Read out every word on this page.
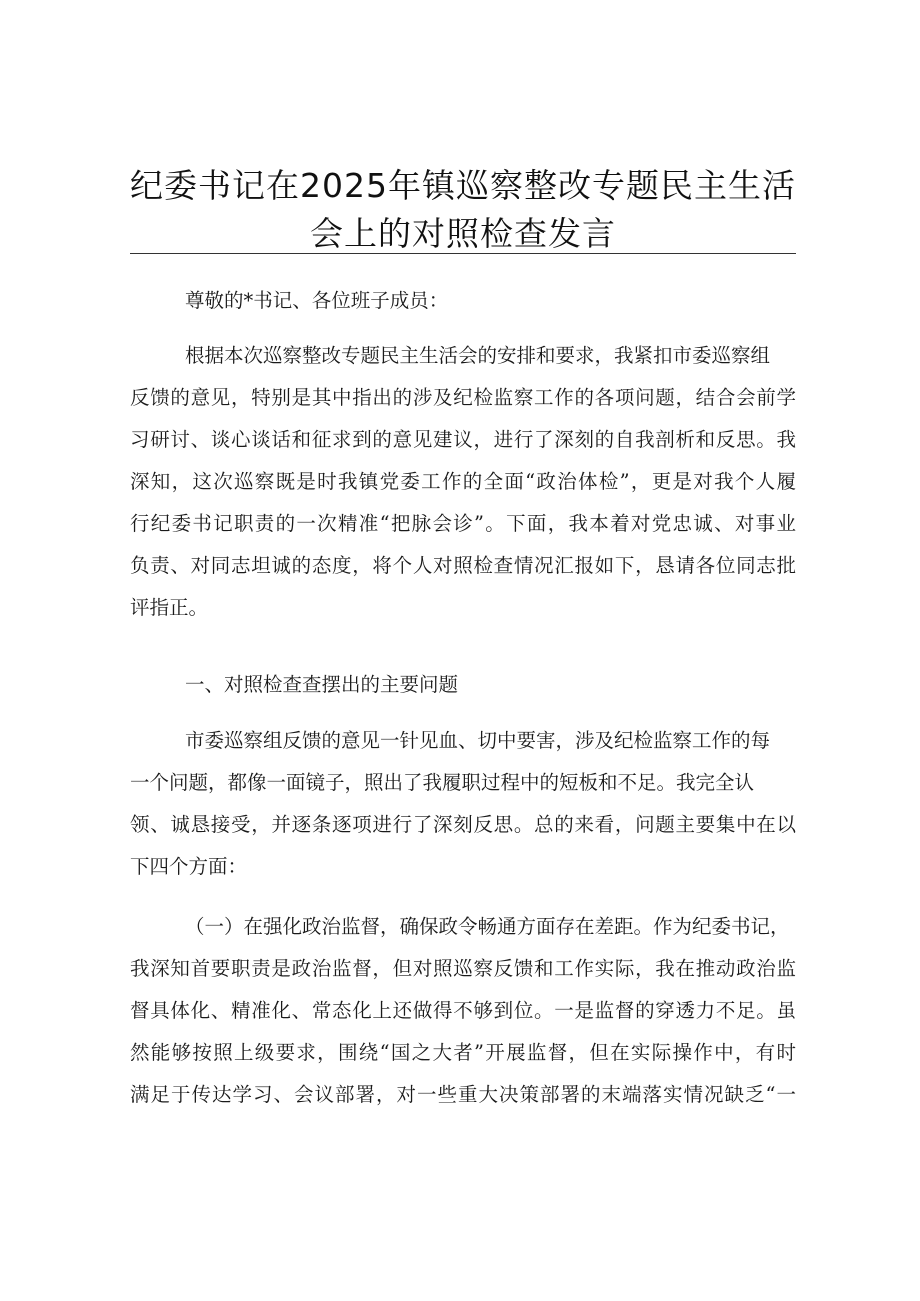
纪委书记在2025年镇巡察整改专题民主生活
会上的对照检查发言
尊敬的*书记、各位班子成员：
根据本次巡察整改专题民主生活会的安排和要求，我紧扣市委巡察组
反馈的意见，特别是其中指出的涉及纪检监察工作的各项问题，结合会前学
习研讨、谈心谈话和征求到的意见建议，进行了深刻的自我剖析和反思。我
深知，这次巡察既是时我镇党委工作的全面“政治体检”，更是对我个人履
行纪委书记职责的一次精准“把脉会诊”。下面，我本着对党忠诚、对事业
负责、对同志坦诚的态度，将个人对照检查情况汇报如下，恳请各位同志批
评指正。
一、对照检查查摆出的主要问题
市委巡察组反馈的意见一针见血、切中要害，涉及纪检监察工作的每
一个问题，都像一面镜子，照出了我履职过程中的短板和不足。我完全认
领、诚恳接受，并逐条逐项进行了深刻反思。总的来看，问题主要集中在以
下四个方面：
（一）在强化政治监督，确保政令畅通方面存在差距。作为纪委书记，
我深知首要职责是政治监督，但对照巡察反馈和工作实际，我在推动政治监
督具体化、精准化、常态化上还做得不够到位。一是监督的穿透力不足。虽
然能够按照上级要求，围绕“国之大者”开展监督，但在实际操作中，有时
满足于传达学习、会议部署，对一些重大决策部署的末端落实情况缺乏“一
